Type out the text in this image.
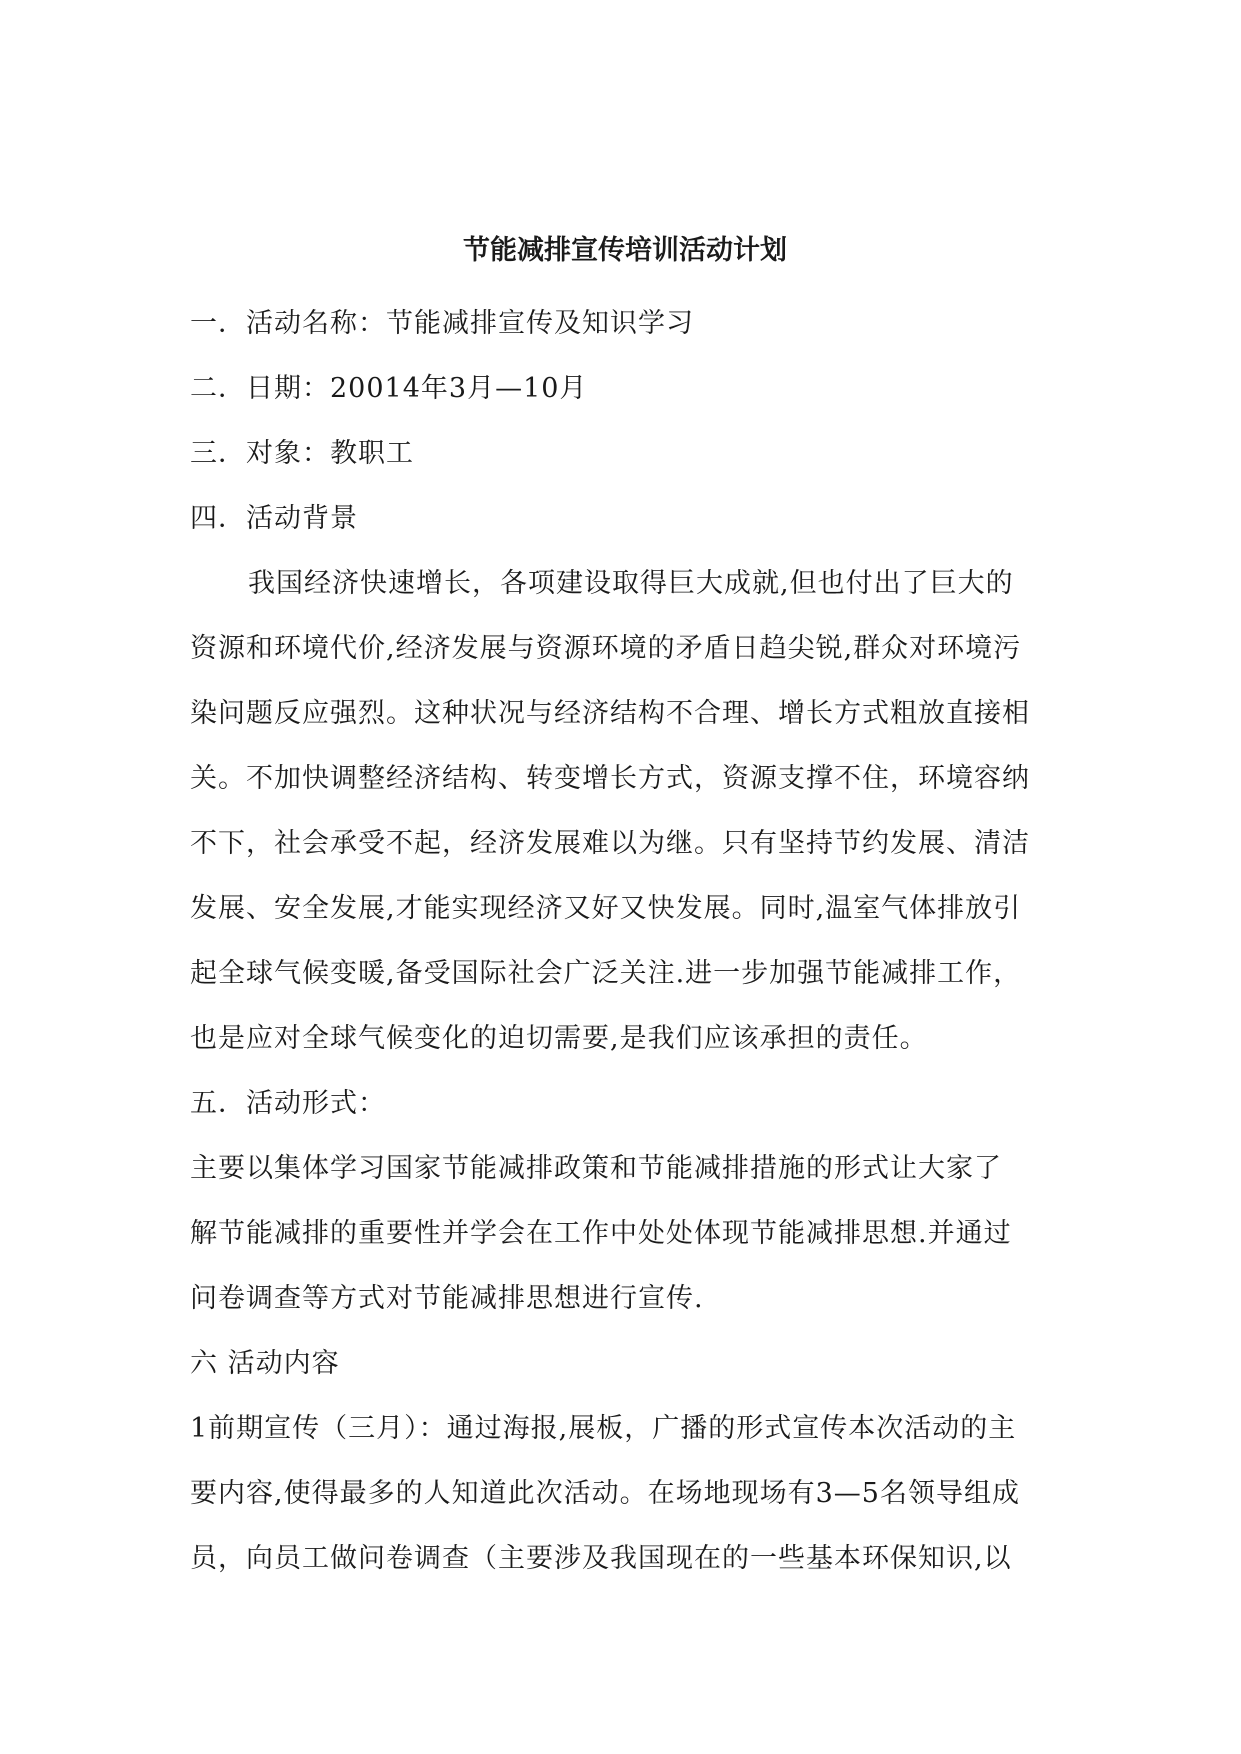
节能减排宣传培训活动计划
一．活动名称：节能减排宣传及知识学习
二．日期：20014年3月—10月
三．对象：教职工
四．活动背景
我国经济快速增长，各项建设取得巨大成就,但也付出了巨大的
资源和环境代价,经济发展与资源环境的矛盾日趋尖锐,群众对环境污
染问题反应强烈。这种状况与经济结构不合理、增长方式粗放直接相
关。不加快调整经济结构、转变增长方式，资源支撑不住，环境容纳
不下，社会承受不起，经济发展难以为继。只有坚持节约发展、清洁
发展、安全发展,才能实现经济又好又快发展。同时,温室气体排放引
起全球气候变暖,备受国际社会广泛关注.进一步加强节能减排工作，
也是应对全球气候变化的迫切需要,是我们应该承担的责任。
五．活动形式：
主要以集体学习国家节能减排政策和节能减排措施的形式让大家了
解节能减排的重要性并学会在工作中处处体现节能减排思想.并通过
问卷调查等方式对节能减排思想进行宣传.
六 活动内容
1前期宣传（三月）：通过海报,展板，广播的形式宣传本次活动的主
要内容,使得最多的人知道此次活动。在场地现场有3—5名领导组成
员，向员工做问卷调查（主要涉及我国现在的一些基本环保知识,以
